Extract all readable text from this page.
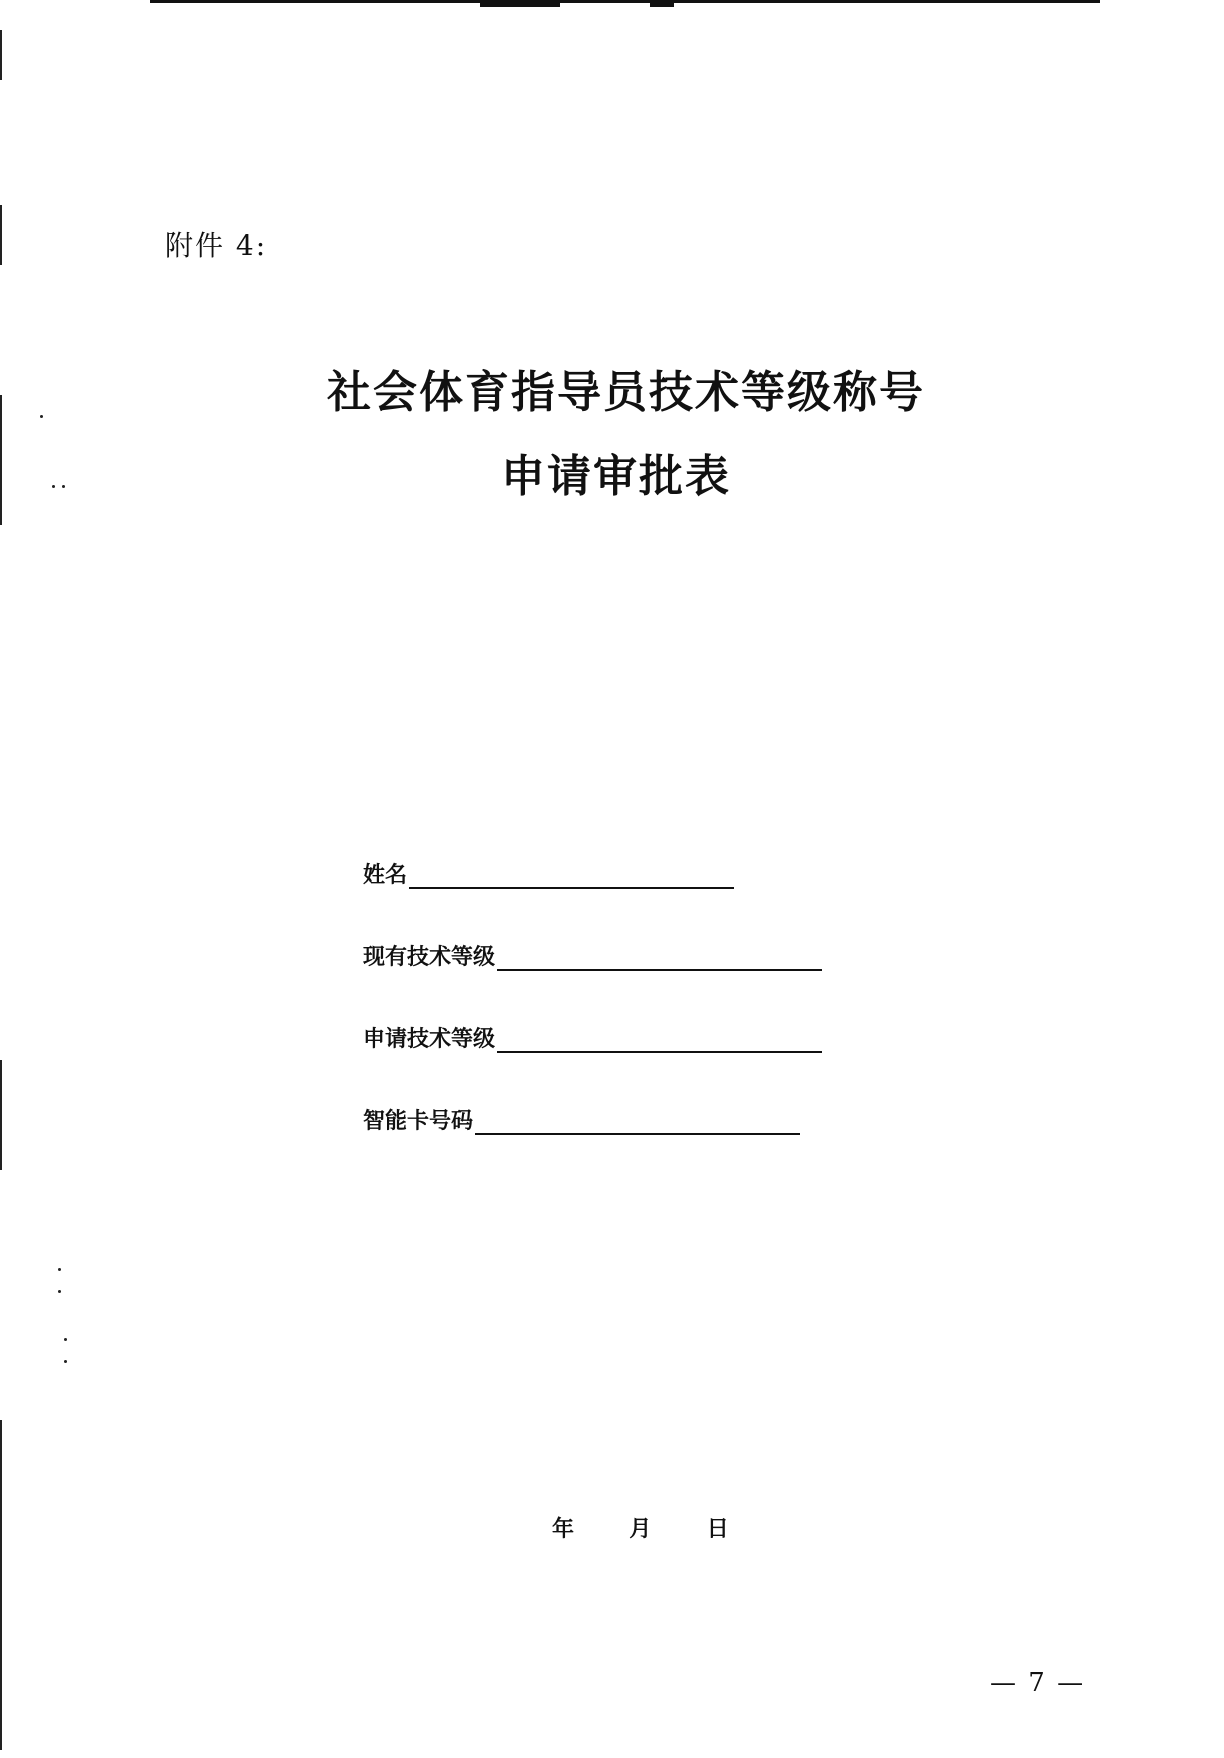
附件 4:
社会体育指导员技术等级称号
申请审批表
姓名
现有技术等级
申请技术等级
智能卡号码
年	月	日
— 7 —
